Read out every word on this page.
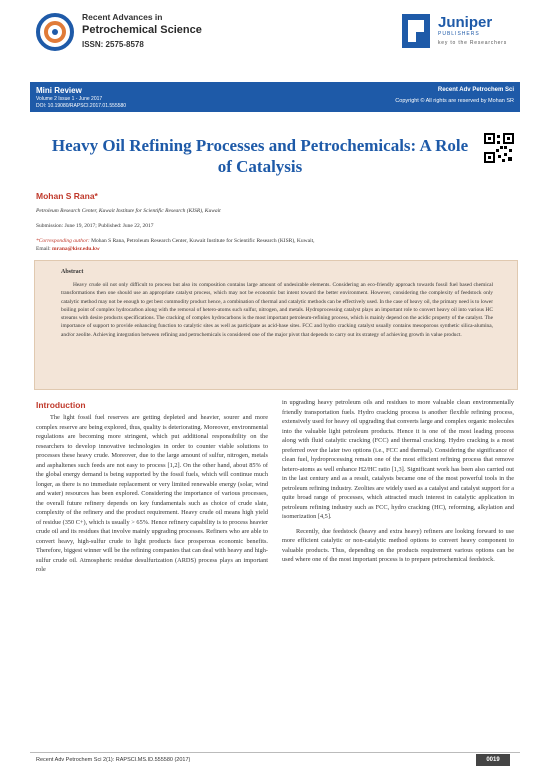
Recent Advances in
Petrochemical Science
ISSN: 2575-8578
Juniper
PUBLISHERS
key to the Researchers
Mini Review
Volume 2 Issue 1 - June 2017
DOI: 10.19080/RAPSCI.2017.01.555580
Recent Adv Petrochem Sci
Copyright © All rights are reserved by Mohan SR
Heavy Oil Refining Processes and Petrochemicals: A Role of Catalysis
Mohan S Rana*
Petroleum Research Center, Kuwait Institute for Scientific Research (KISR), Kuwait
Submission: June 19, 2017; Published: June 22, 2017
*Corresponding author: Mohan S Rana, Petroleum Research Center, Kuwait Institute for Scientific Research (KISR), Kuwait,
Email: mrana@kisr.edu.kw
Abstract
Heavy crude oil not only difficult to process but also its composition contains large amount of undesirable elements. Considering an eco-friendly approach towards fossil fuel based chemical transformations then one should use an appropriate catalyst process, which may not be economic but intent toward the better environment. However, considering the complexity of feedstock only catalytic method may not be enough to get best commodity product hence, a combination of thermal and catalytic methods can be effectively used. In the case of heavy oil, the primary need is to lower boiling point of complex hydrocarbon along with the removal of hetero-atoms such sulfur, nitrogen, and metals. Hydroprocessing catalyst plays an important role to convert heavy oil into various HC streams with desire products specifications. The cracking of complex hydrocarbons is the most important petroleum-refining process, which is mainly depend on the acidic property of the catalyst. The importance of support to provide enhancing function to catalytic sites as well as participate as acid-base sites. FCC and hydro cracking catalyst usually contains mesoporous synthetic silica-alumina, and/or zeolite. Achieving integration between refining and petrochemicals is considered one of the major pivot that depends to carry out its strategy of achieving growth in value product.
Introduction

The light fossil fuel reserves are getting depleted and heavier, sourer and more complex reserve are being explored, thus, quality is deteriorating. Moreover, environmental regulations are becoming more stringent, which put additional responsibility on the researchers to develop innovative technologies in order to counter viable solutions to processes these heavy crude. Moreover, due to the large amount of sulfur, nitrogen, metals and asphaltenes such feeds are not easy to process [1,2]. On the other hand, about 85% of the global energy demand is being supported by the fossil fuels, which will continue much longer, as there is no immediate replacement or very limited renewable energy (solar, wind and water) resources has been explored. Considering the importance of various processes, the overall future refinery depends on key fundamentals such as choice of crude slate, complexity of the refinery and the product requirement. Heavy crude oil means high yield of residue (350 C+), which is usually > 65%. Hence refinery capability is to process heavier crude oil and its residues that involve mainly upgrading processes. Refiners who are able to convert heavy, high-sulfur crude to light products face prosperous economic benefits. Therefore, biggest winner will be the refining companies that can deal with heavy and high-sulfur crude oil. Atmospheric residue desulfurization (ARDS) process plays an important role

in upgrading heavy petroleum oils and residues to more valuable clean environmentally friendly transportation fuels. Hydro cracking process is another flexible refining process, extensively used for heavy oil upgrading that converts large and complex organic molecules into the valuable light petroleum products. Hence it is one of the most leading process along with fluid catalytic cracking (FCC) and thermal cracking. Hydro cracking is a most preferred over the later two options (i.e., FCC and thermal). Considering the significance of clean fuel, hydroprocessing remain one of the most efficient refining process that remove hetero-atoms as well enhance H2/HC ratio [1,3]. Significant work has been also carried out in the last century and as a result, catalysts became one of the most powerful tools in the petroleum refining industry. Zeolites are widely used as a catalyst and catalyst support for a quite broad range of processes, which attracted much interest in catalytic application in petroleum refining industry such as FCC, hydro cracking (HC), reforming, alkylation and isomerization [4,5].

Recently, due feedstock (heavy and extra heavy) refiners are looking forward to use more efficient catalytic or non-catalytic method options to convert heavy component to valuable products. Thus, depending on the products requirement various options can be used where one of the most important process is to prepare petrochemical feedstock.

Recent Adv Petrochem Sci 2(1): RAPSCI.MS.ID.555580 (2017)	0019
